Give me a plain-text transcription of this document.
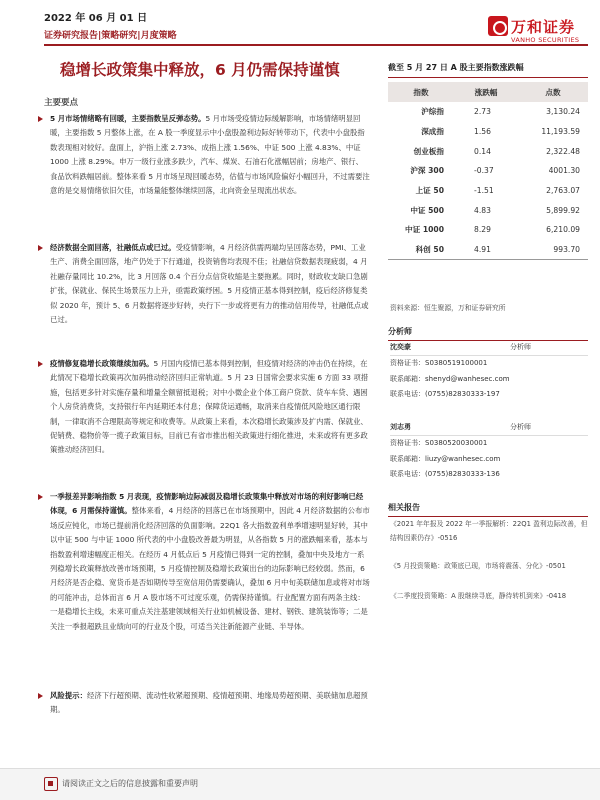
2022 年 06 月 01 日
证券研究报告|策略研究|月度策略	万和证券
VANHO SECURITIES
稳增长政策集中释放，6 月仍需保持谨慎
主要要点
5 月市场情绪略有回暖，主要指数呈反弹态势。5 月市场受疫情边际缓解影响，市场情绪明显回暖，主要指数 5 月整体上涨，在 A 股一季度显示中小盘股盈利边际好转带动下，代表中小盘股指数表现相对较好。盘面上，沪指上涨 2.73%、成指上涨 1.56%、中证 500 上涨 4.83%、中证 1000 上涨 8.29%。申万一级行业涨多跌少，汽车、煤炭、石油石化涨幅居前；房地产、银行、食品饮料跌幅居前。整体来看 5 月市场呈现回暖态势，估值与市场风险偏好小幅回升，不过需要注意的是交易情绪依旧欠佳，市场量能整体继续回落，北向资金呈现流出状态。
经济数据全面回落，社融低点或已过。受疫情影响，4 月经济供需两端均呈回落态势，PMI、工业生产、消费全面回落，地产仍处于下行通道，投资销售均表现不佳；社融信贷数据表现疲弱，4 月社融存量同比 10.2%，比 3 月回落 0.4 个百分点信贷收缩是主要拖累。同时，财政收支缺口急剧扩张，保就业、保民生场景压力上升，亟需政策纾困。5 月疫情正基本得到控制，疫后经济修复类似 2020 年，预计 5、6 月数据将逐步好转，央行下一步或将更有力的推动信用传导，社融低点或已过。
疫情修复稳增长政策继续加码。5 月国内疫情已基本得到控制，但疫情对经济的冲击仍在持续，在此情况下稳增长政策再次加码推动经济回归正常轨道。5 月 23 日国常会要求实施 6 方面 33 项措施，包括更多针对实施存量和增量全额留抵退税；对中小微企业个体工商户贷款、货车车贷、遇困个人房贷消费贷，支持银行年内延期还本付息；保障货运通畅，取消来自疫情低风险地区通行限制，一律取消不合理限高等规定和收费等。从政策上来看，本次稳增长政策涉及扩内需、保就业、促销费、稳物价等一揽子政策目标，目前已有省市推出相关政策进行细化推进，未来或将有更多政策推动经济回归。
一季报差异影响指数 5 月表现，疫情影响边际减弱及稳增长政策集中释放对市场的利好影响已经体现，6 月需保持谨慎。整体来看，4 月经济的回落已在市场预期中，因此 4 月经济数据的公布市场反应钝化，市场已提前消化经济回落的负面影响。22Q1 各大指数盈利单季增速明显好转，其中以中证 500 与中证 1000 所代表的中小盘股改善最为明显，从各指数 5 月的涨跌幅来看，基本与指数盈利增速幅度正相关。在经历 4 月低点后 5 月疫情已得到一定的控制，叠加中央及地方一系列稳增长政策释放改善市场预期，5 月疫情控制及稳增长政策出台的边际影响已经较弱。然而，6 月经济是否企稳、宽货币是否如期传导至宽信用仍需要确认，叠加 6 月中旬美联储加息或将对市场的可能冲击，总体而言 6 月 A 股市场不可过度乐观，仍需保持谨慎。行业配置方面有两条主线：一是稳增长主线，未来可重点关注基建领域相关行业如机械设备、建材、钢铁、建筑装饰等；二是关注一季报超跌且业绩向可的行业及个股，可适当关注新能源产业链、半导体。
风险提示：经济下行超预期、流动性收紧超预期、疫情超预期、地缘局势超预期、美联储加息超预期。
截至 5 月 27 日 A 股主要指数涨跌幅
指数	涨跌幅	点数
沪综指	2.73	3,130.24
深成指	1.56	11,193.59
创业板指	0.14	2,322.48
沪深 300	-0.37	4001.30
上证 50	-1.51	2,763.07
中证 500	4.83	5,899.92
中证 1000	8.29	6,210.09
科创 50	4.91	993.70
资料来源：恒生聚源，万和证券研究所
分析师
沈奕豪	分析师
资格证书：S0380519100001
联系邮箱：shenyd@wanhesec.com
联系电话：(0755)82830333-197
刘志勇	分析师
资格证书：S0380520030001
联系邮箱：liuzy@wanhesec.com
联系电话：(0755)82830333-136
相关报告
《2021 年年报及 2022 年一季报解析：22Q1 盈利边际改善，但结构因素仍存》-0516
《5 月投资策略：政策底已现，市场将震荡、分化》-0501
《二季度投资策略：A 股继续寻底，静待转机到来》-0418
请阅读正文之后的信息披露和重要声明
